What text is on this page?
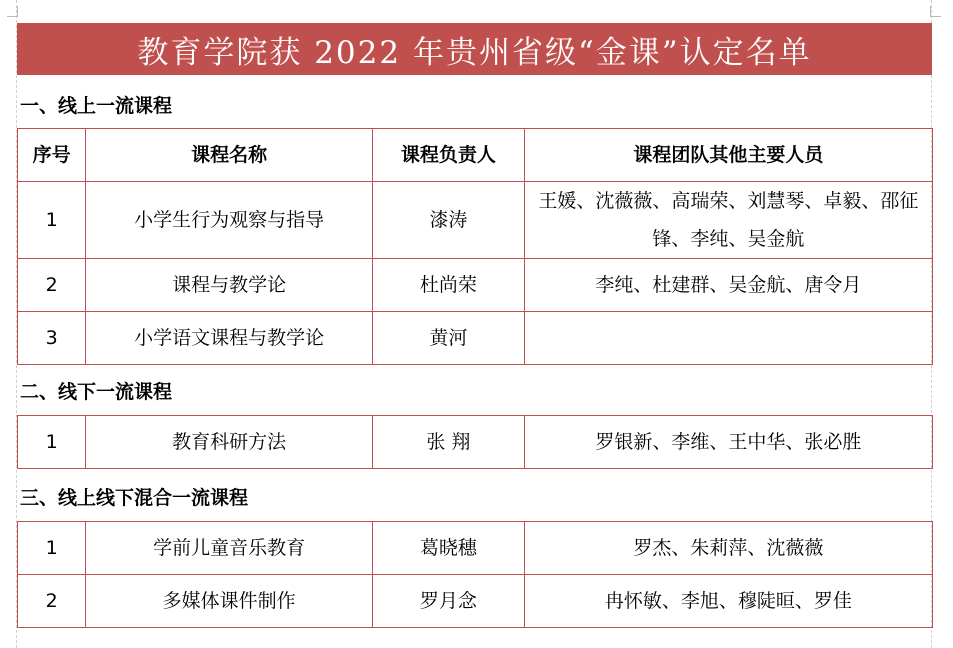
教育学院获 2022 年贵州省级“金课”认定名单
一、线上一流课程
序号	课程名称	课程负责人	课程团队其他主要人员
1	小学生行为观察与指导	漆涛	王媛、沈薇薇、高瑞荣、刘慧琴、卓毅、邵征锋、李纯、吴金航
2	课程与教学论	杜尚荣	李纯、杜建群、吴金航、唐令月
3	小学语文课程与教学论	黄河	
二、线下一流课程
1	教育科研方法	张 翔	罗银新、李维、王中华、张必胜
三、线上线下混合一流课程
1	学前儿童音乐教育	葛晓穗	罗杰、朱莉萍、沈薇薇
2	多媒体课件制作	罗月念	冉怀敏、李旭、穆陡晅、罗佳
